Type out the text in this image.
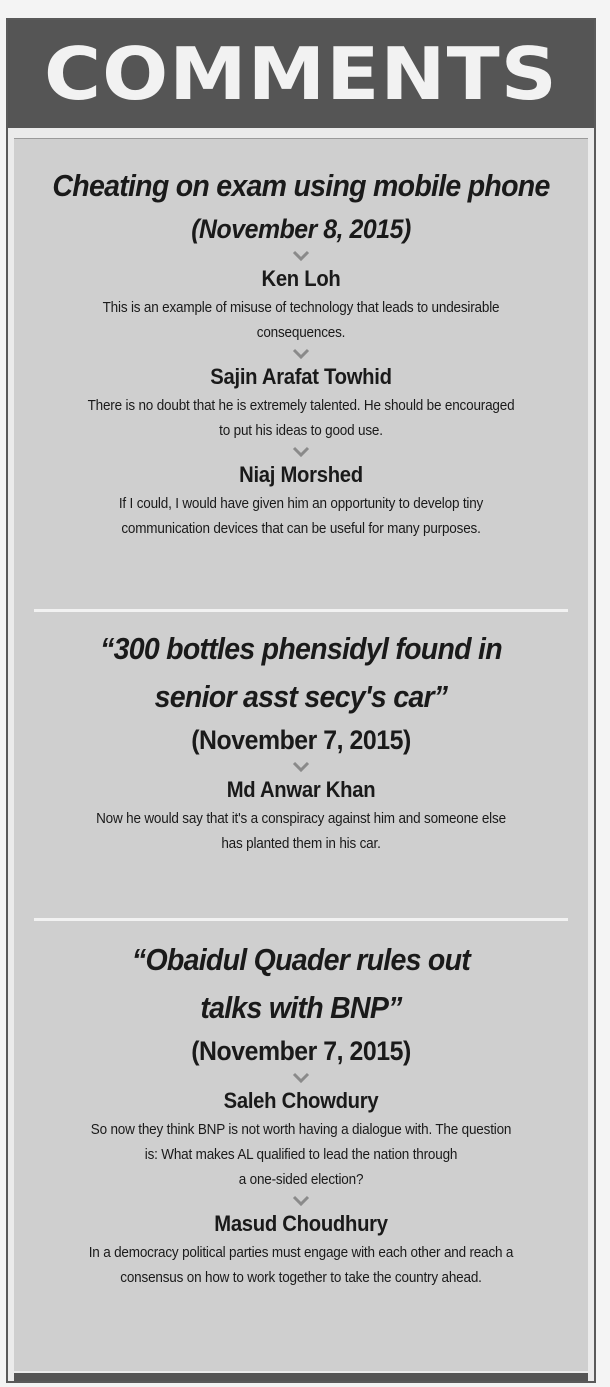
COMMENTS
Cheating on exam using mobile phone
(November 8, 2015)
Ken Loh
This is an example of misuse of technology that leads to undesirable
consequences.
Sajin Arafat Towhid
There is no doubt that he is extremely talented. He should be encouraged
to put his ideas to good use.
Niaj Morshed
If I could, I would have given him an opportunity to develop tiny
communication devices that can be useful for many purposes.
“300 bottles phensidyl found in
senior asst secy's car”
(November 7, 2015)
Md Anwar Khan
Now he would say that it's a conspiracy against him and someone else
has planted them in his car.
“Obaidul Quader rules out
talks with BNP”
(November 7, 2015)
Saleh Chowdury
So now they think BNP is not worth having a dialogue with. The question
is: What makes AL qualified to lead the nation through
a one-sided election?
Masud Choudhury
In a democracy political parties must engage with each other and reach a
consensus on how to work together to take the country ahead.
